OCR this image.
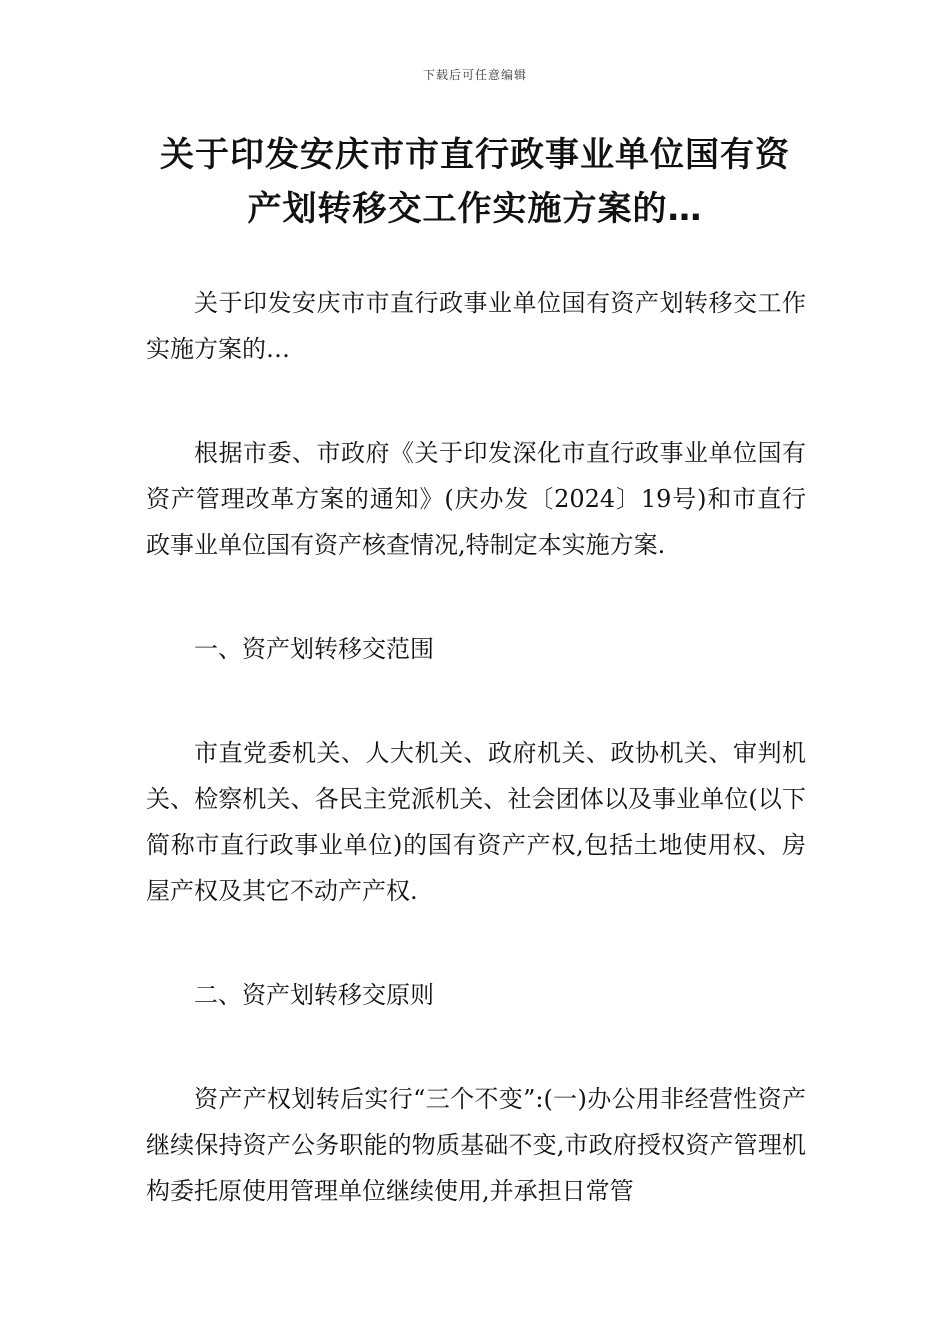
下载后可任意编辑
关于印发安庆市市直行政事业单位国有资
产划转移交工作实施方案的…

关于印发安庆市市直行政事业单位国有资产划转移交工作实施方案的…

根据市委、市政府《关于印发深化市直行政事业单位国有资产管理改革方案的通知》(庆办发〔2024〕19号)和市直行政事业单位国有资产核查情况,特制定本实施方案.

一、资产划转移交范围

市直党委机关、人大机关、政府机关、政协机关、审判机关、检察机关、各民主党派机关、社会团体以及事业单位(以下简称市直行政事业单位)的国有资产产权,包括土地使用权、房屋产权及其它不动产产权.

二、资产划转移交原则

资产产权划转后实行“三个不变”:(一)办公用非经营性资产继续保持资产公务职能的物质基础不变,市政府授权资产管理机构委托原使用管理单位继续使用,并承担日常管
